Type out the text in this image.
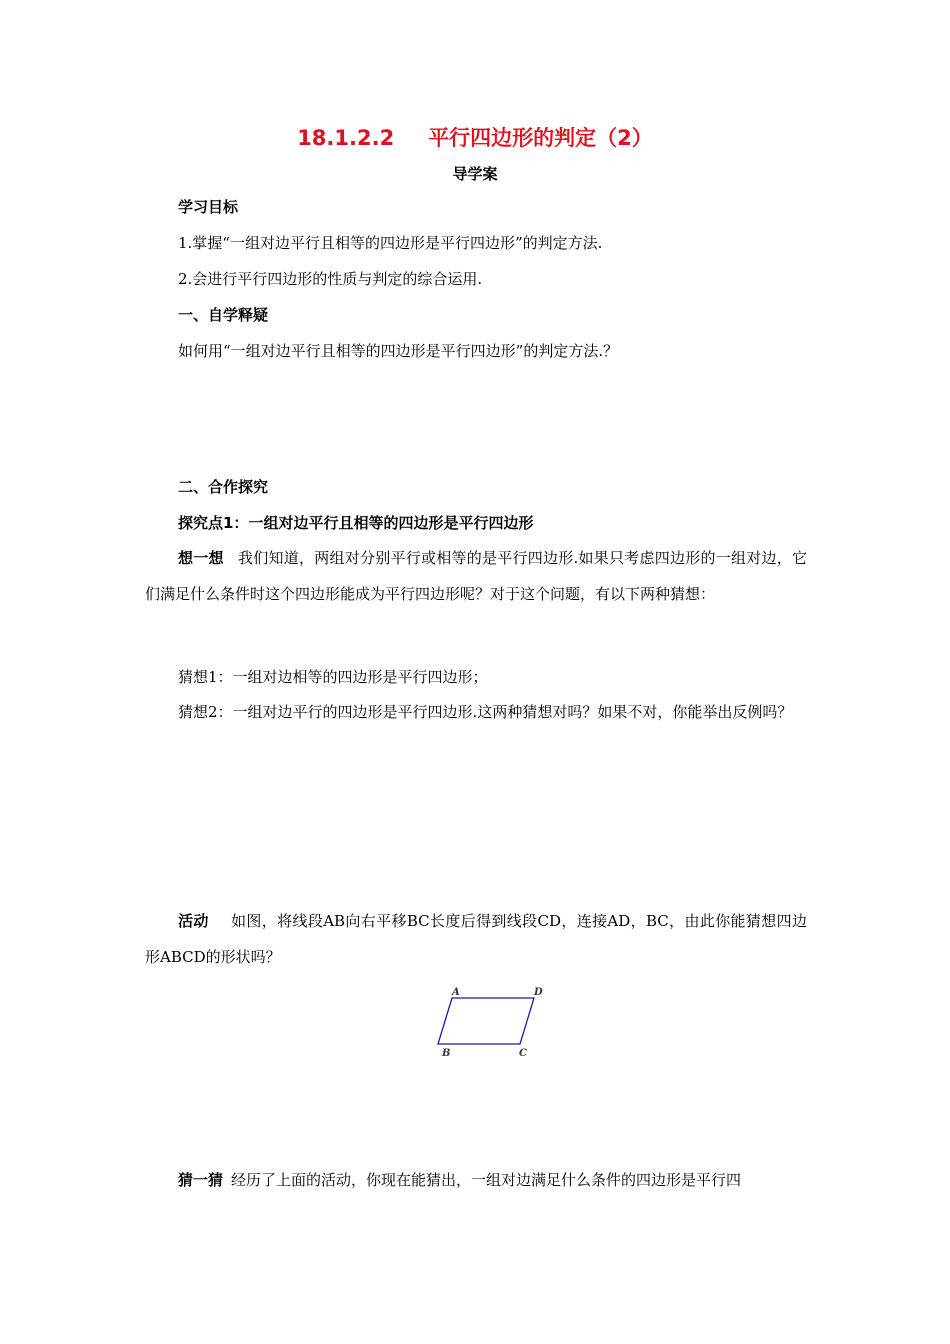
18.1.2.2 平行四边形的判定（2）
导学案
学习目标
1.掌握“一组对边平行且相等的四边形是平行四边形”的判定方法.
2.会进行平行四边形的性质与判定的综合运用.
一、自学释疑
如何用“一组对边平行且相等的四边形是平行四边形”的判定方法.？
二、合作探究
探究点1：一组对边平行且相等的四边形是平行四边形
想一想 我们知道，两组对分别平行或相等的是平行四边形.如果只考虑四边形的一组对边，它们满足什么条件时这个四边形能成为平行四边形呢？对于这个问题，有以下两种猜想：
猜想1：一组对边相等的四边形是平行四边形；
猜想2：一组对边平行的四边形是平行四边形.这两种猜想对吗？如果不对，你能举出反例吗？
活动 如图，将线段AB向右平移BC长度后得到线段CD，连接AD，BC，由此你能猜想四边形ABCD的形状吗？
A	D
B	C
猜一猜 经历了上面的活动，你现在能猜出，一组对边满足什么条件的四边形是平行四
